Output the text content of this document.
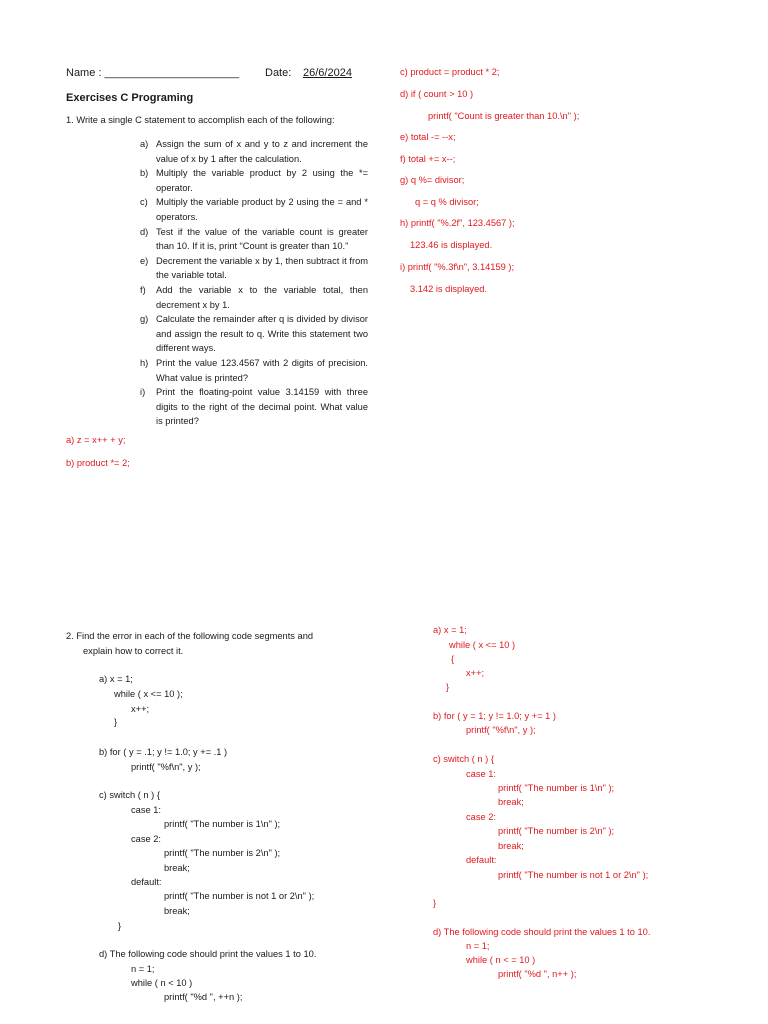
Name : ______________________ Date: 26/6/2024
Exercises C Programing
1. Write a single C statement to accomplish each of the following:
a) Assign the sum of x and y to z and increment the value of x by 1 after the calculation.
b) Multiply the variable product by 2 using the *= operator.
c) Multiply the variable product by 2 using the = and * operators.
d) Test if the value of the variable count is greater than 10. If it is, print “Count is greater than 10.”
e) Decrement the variable x by 1, then subtract it from the variable total.
f)	Add the variable x to the variable total, then decrement x by 1.
g) Calculate the remainder after q is divided by divisor and assign the result to q. Write this statement two different ways.
h) Print the value 123.4567 with 2 digits of precision. What value is printed?
i)	Print the floating-point value 3.14159 with three digits to the right of the decimal point. What value is printed?
a) z = x++ + y;
b) product *= 2;
c) product = product * 2;
d) if ( count > 10 )
printf( "Count is greater than 10.\n" );
e) total -= --x;
f) total += x--;
g) q %= divisor;
q = q % divisor;
h) printf( "%.2f", 123.4567 );
123.46 is displayed.
i) printf( "%.3f\n", 3.14159 );
3.142 is displayed.
2. Find the error in each of the following code segments and
explain how to correct it.
a) x = 1;
while ( x <= 10 );
x++;
}
b) for ( y = .1; y != 1.0; y += .1 )
printf( "%f\n", y );
c) switch ( n ) {
case 1:
printf( "The number is 1\n" );
case 2:
printf( "The number is 2\n" );
break;
default:
printf( "The number is not 1 or 2\n" );
break;
}
d) The following code should print the values 1 to 10.
n = 1;
while ( n < 10 )
printf( "%d ", ++n );
a) x = 1;
while ( x <= 10 )
{
x++;
}
b) for ( y = 1; y != 1.0; y += 1 )
printf( "%f\n", y );
c) switch ( n ) {
case 1:
printf( "The number is 1\n" );
break;
case 2:
printf( "The number is 2\n" );
break;
default:
printf( "The number is not 1 or 2\n" );
}
d) The following code should print the values 1 to 10.
n = 1;
while ( n < = 10 )
printf( "%d ", n++ );
